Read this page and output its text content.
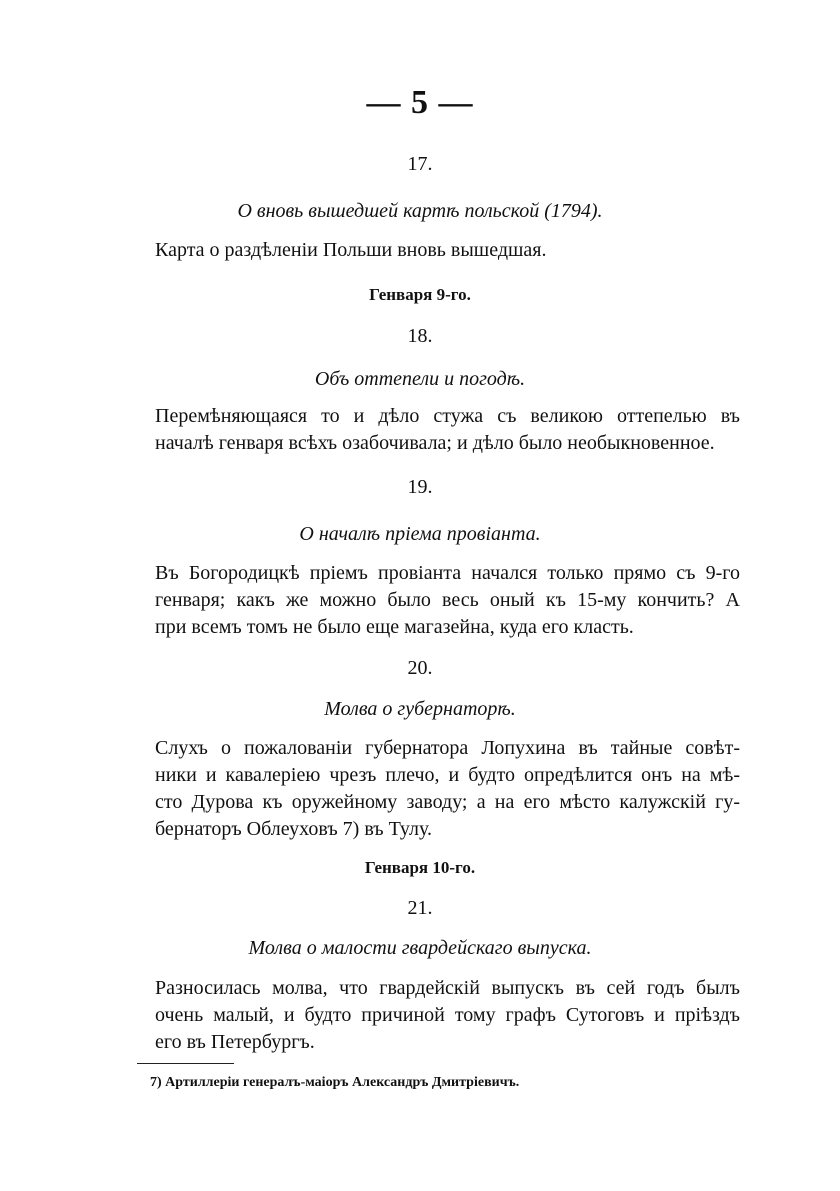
— 5 —

17.

О вновь вышедшей картѣ польской (1794).

Карта о раздѣленіи Польши вновь вышедшая.

Генваря 9-го.

18.

Объ оттепели и погодѣ.

Перемѣняющаяся то и дѣло стужа съ великою оттепелью въ
началѣ генваря всѣхъ озабочивала; и дѣло было необыкновенное.

19.

О началѣ пріема провіанта.

Въ Богородицкѣ пріемъ провіанта начался только прямо съ 9-го
генваря; какъ же можно было весь оный къ 15-му кончить? А
при всемъ томъ не было еще магазейна, куда его класть.

20.

Молва о губернаторѣ.

Слухъ о пожалованіи губернатора Лопухина въ тайные совѣт-
ники и кавалеріею чрезъ плечо, и будто опредѣлится онъ на мѣ-
сто Дурова къ оружейному заводу; а на его мѣсто калужскій гу-
бернаторъ Облеуховъ 7) въ Тулу.

Генваря 10-го.

21.

Молва о малости гвардейскаго выпуска.

Разносилась молва, что гвардейскій выпускъ въ сей годъ былъ
очень малый, и будто причиной тому графъ Сутоговъ и пріѣздъ
его въ Петербургъ.

7) Артиллеріи генералъ-маіоръ Александръ Дмитріевичъ.
